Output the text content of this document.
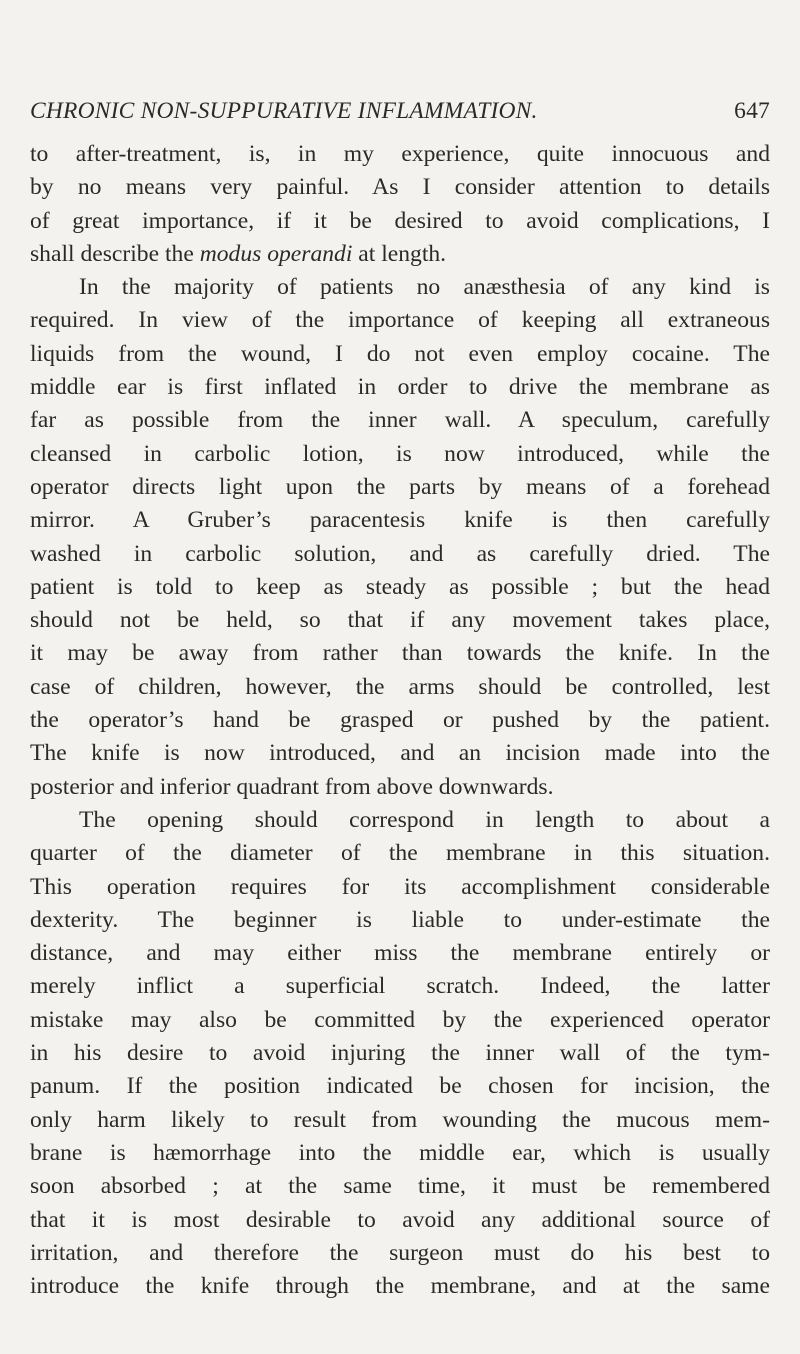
CHRONIC NON-SUPPURATIVE INFLAMMATION.	647

to after-treatment, is, in my experience, quite innocuous and
by no means very painful. As I consider attention to details
of great importance, if it be desired to avoid complications, I
shall describe the modus operandi at length.

In the majority of patients no anæsthesia of any kind is
required. In view of the importance of keeping all extraneous
liquids from the wound, I do not even employ cocaine. The
middle ear is first inflated in order to drive the membrane as
far as possible from the inner wall. A speculum, carefully
cleansed in carbolic lotion, is now introduced, while the
operator directs light upon the parts by means of a forehead
mirror. A Gruber’s paracentesis knife is then carefully
washed in carbolic solution, and as carefully dried. The
patient is told to keep as steady as possible ; but the head
should not be held, so that if any movement takes place,
it may be away from rather than towards the knife. In the
case of children, however, the arms should be controlled, lest
the operator’s hand be grasped or pushed by the patient.
The knife is now introduced, and an incision made into the
posterior and inferior quadrant from above downwards.

The opening should correspond in length to about a
quarter of the diameter of the membrane in this situation.
This operation requires for its accomplishment considerable
dexterity. The beginner is liable to under-estimate the
distance, and may either miss the membrane entirely or
merely inflict a superficial scratch. Indeed, the latter
mistake may also be committed by the experienced operator
in his desire to avoid injuring the inner wall of the tym-
panum. If the position indicated be chosen for incision, the
only harm likely to result from wounding the mucous mem-
brane is hæmorrhage into the middle ear, which is usually
soon absorbed ; at the same time, it must be remembered
that it is most desirable to avoid any additional source of
irritation, and therefore the surgeon must do his best to
introduce the knife through the membrane, and at the same
